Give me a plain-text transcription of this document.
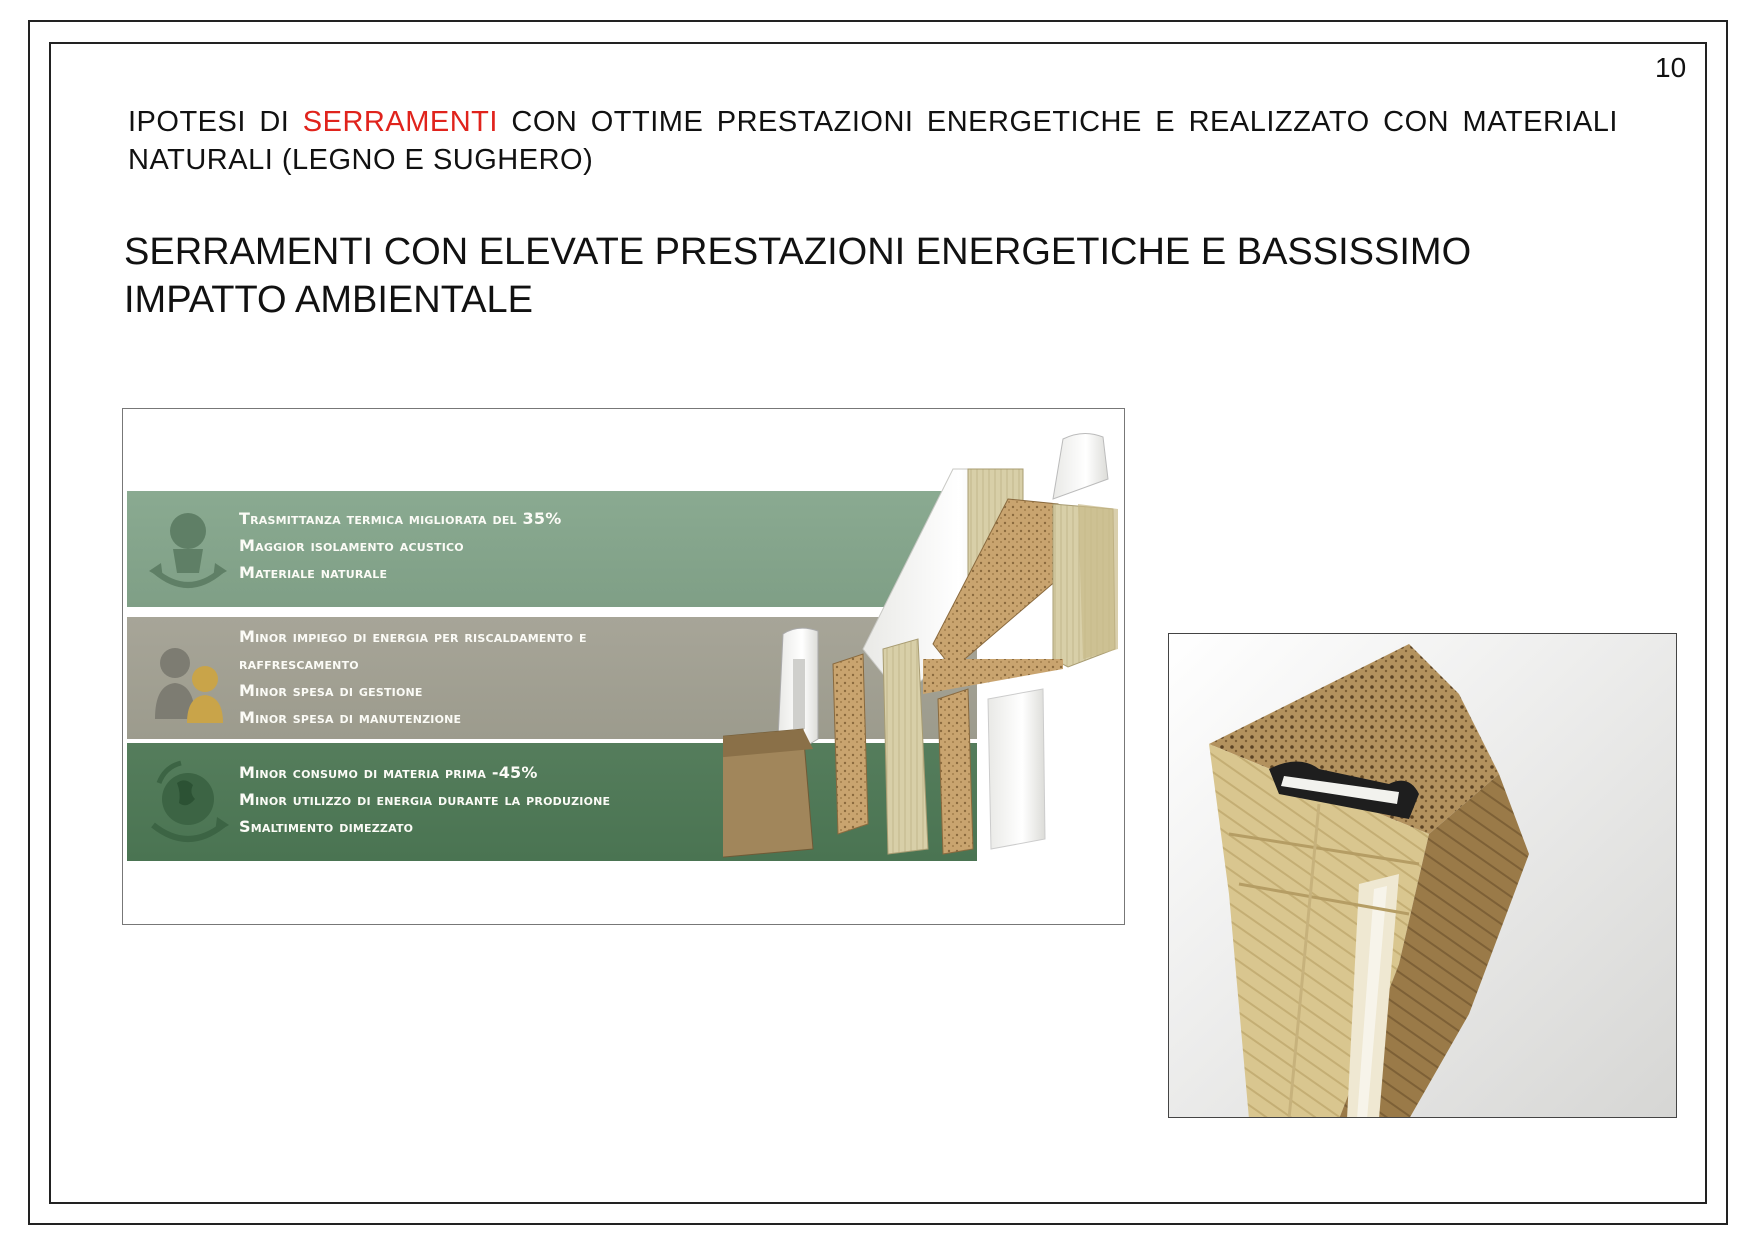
10
IPOTESI DI SERRAMENTI CON OTTIME PRESTAZIONI ENERGETICHE E REALIZZATO CON MATERIALI NATURALI (LEGNO E SUGHERO)
SERRAMENTI CON ELEVATE PRESTAZIONI ENERGETICHE E BASSISSIMO IMPATTO AMBIENTALE
Trasmittanza termica migliorata del 35%
Maggior isolamento acustico
Materiale naturale
Minor impiego di energia per riscaldamento e
raffrescamento
Minor spesa di gestione
Minor spesa di manutenzione
Minor consumo di materia prima -45%
Minor utilizzo di energia durante la produzione
Smaltimento dimezzato
